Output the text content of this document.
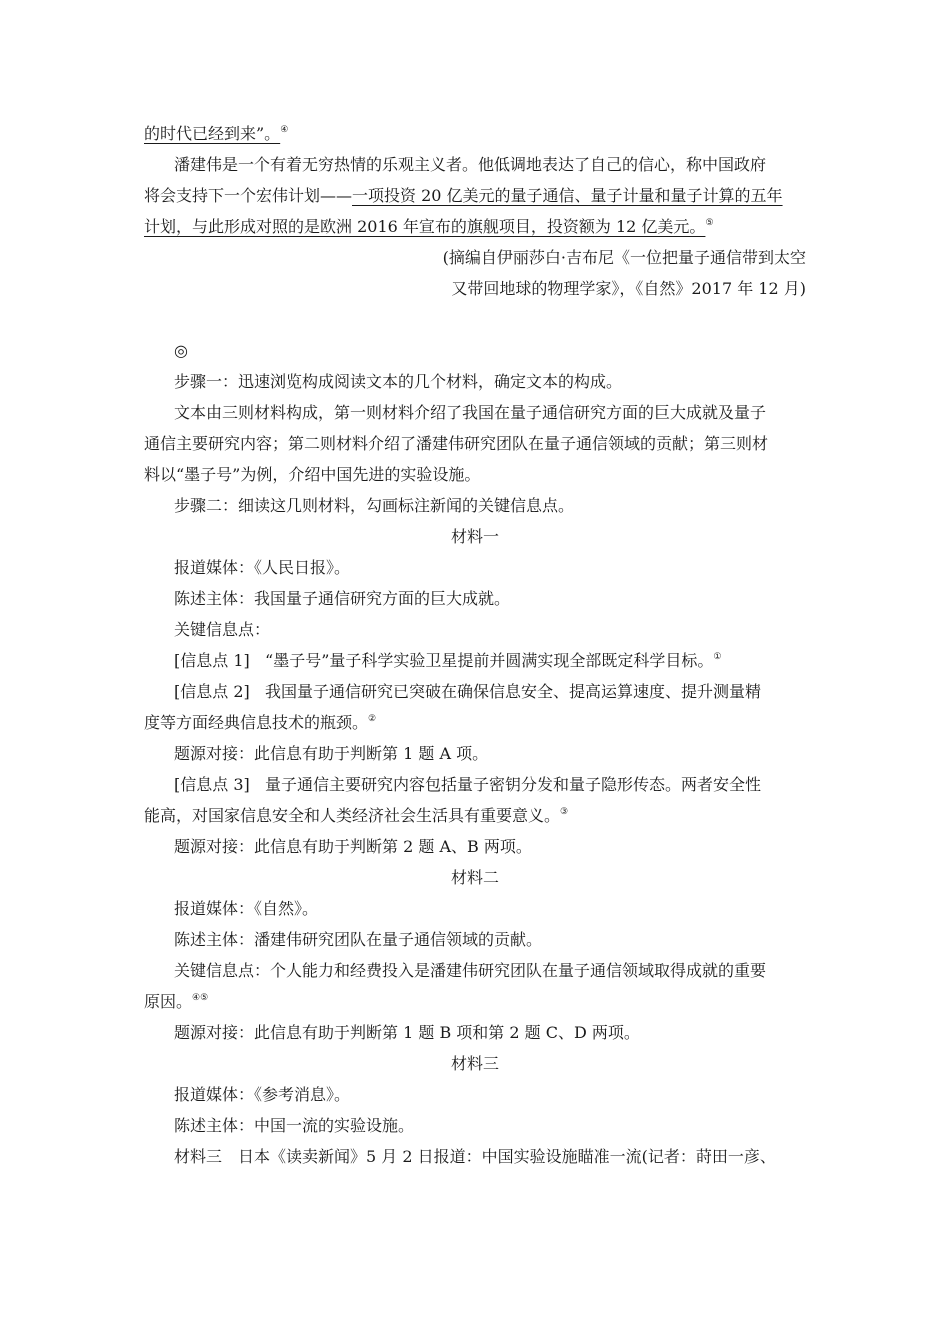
的时代已经到来”。④
潘建伟是一个有着无穷热情的乐观主义者。他低调地表达了自己的信心，称中国政府
将会支持下一个宏伟计划——一项投资 20 亿美元的量子通信、量子计量和量子计算的五年
计划，与此形成对照的是欧洲 2016 年宣布的旗舰项目，投资额为 12 亿美元。⑤
(摘编自伊丽莎白·吉布尼《一位把量子通信带到太空
又带回地球的物理学家》，《自然》2017 年 12 月)
◎
步骤一：迅速浏览构成阅读文本的几个材料，确定文本的构成。
文本由三则材料构成，第一则材料介绍了我国在量子通信研究方面的巨大成就及量子
通信主要研究内容；第二则材料介绍了潘建伟研究团队在量子通信领域的贡献；第三则材
料以“墨子号”为例，介绍中国先进的实验设施。
步骤二：细读这几则材料，勾画标注新闻的关键信息点。
材料一
报道媒体：《人民日报》。
陈述主体：我国量子通信研究方面的巨大成就。
关键信息点：
[信息点 1] “墨子号”量子科学实验卫星提前并圆满实现全部既定科学目标。①
[信息点 2] 我国量子通信研究已突破在确保信息安全、提高运算速度、提升测量精
度等方面经典信息技术的瓶颈。②
题源对接：此信息有助于判断第 1 题 A 项。
[信息点 3] 量子通信主要研究内容包括量子密钥分发和量子隐形传态。两者安全性
能高，对国家信息安全和人类经济社会生活具有重要意义。③
题源对接：此信息有助于判断第 2 题 A、B 两项。
材料二
报道媒体：《自然》。
陈述主体：潘建伟研究团队在量子通信领域的贡献。
关键信息点：个人能力和经费投入是潘建伟研究团队在量子通信领域取得成就的重要
原因。④⑤
题源对接：此信息有助于判断第 1 题 B 项和第 2 题 C、D 两项。
材料三
报道媒体：《参考消息》。
陈述主体：中国一流的实验设施。
材料三　日本《读卖新闻》5 月 2 日报道：中国实验设施瞄准一流(记者：莳田一彦、
